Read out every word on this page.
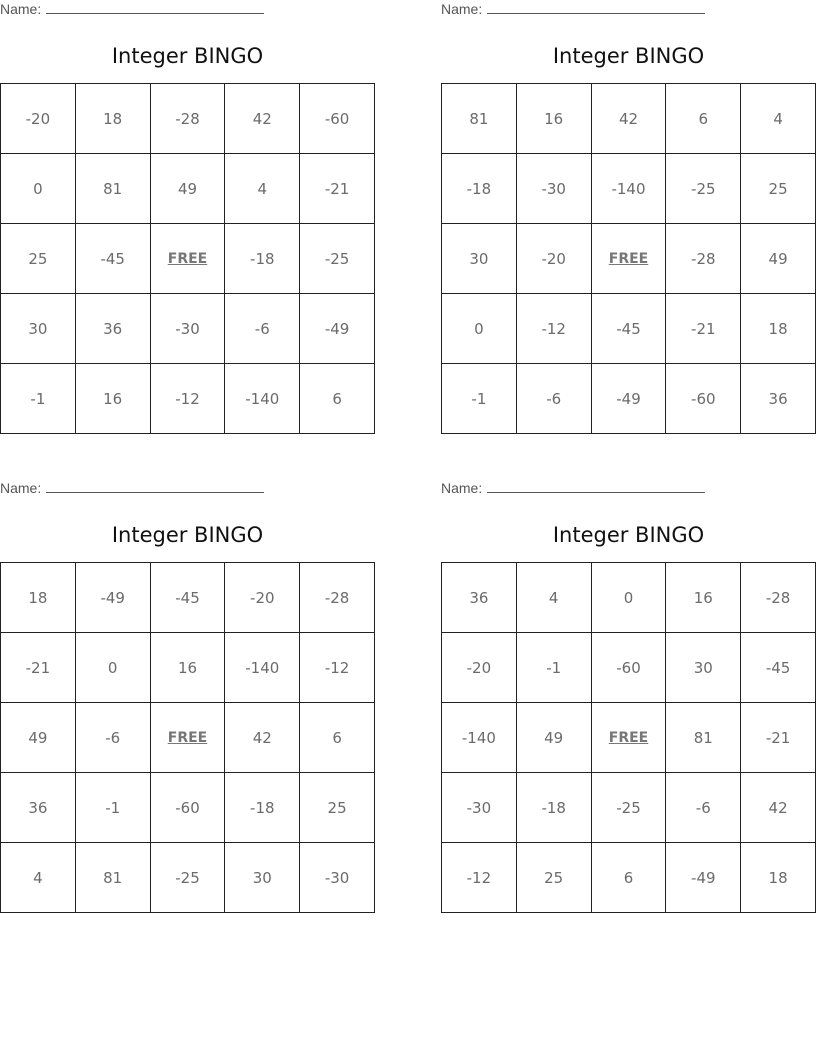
Name:
Integer BINGO
-20	18	-28	42	-60
0	81	49	4	-21
25	-45	FREE	-18	-25
30	36	-30	-6	-49
-1	16	-12	-140	6
Name:
Integer BINGO
81	16	42	6	4
-18	-30	-140	-25	25
30	-20	FREE	-28	49
0	-12	-45	-21	18
-1	-6	-49	-60	36
Name:
Integer BINGO
18	-49	-45	-20	-28
-21	0	16	-140	-12
49	-6	FREE	42	6
36	-1	-60	-18	25
4	81	-25	30	-30
Name:
Integer BINGO
36	4	0	16	-28
-20	-1	-60	30	-45
-140	49	FREE	81	-21
-30	-18	-25	-6	42
-12	25	6	-49	18
